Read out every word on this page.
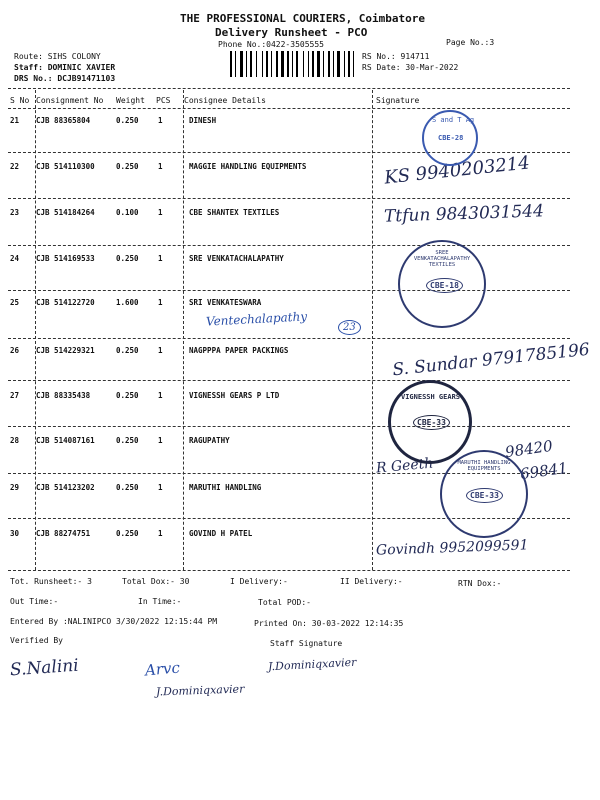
THE PROFESSIONAL COURIERS, Coimbatore
Delivery Runsheet - PCO
Phone No.:0422-3505555	Page No.:3
Route: SIHS COLONY
Staff: DOMINIC XAVIER
DRS No.: DCJB91471103
RS No.: 914711
RS Date: 30-Mar-2022
S No Consignment No Weight PCS Consignee Details	Signature
21 CJB 88365804	0.250	1	DINESH
22 CJB 514110300	0.250	1	MAGGIE HANDLING EQUIPMENTS
23 CJB 514184264	0.100	1	CBE SHANTEX TEXTILES
24 CJB 514169533	0.250	1	SRE VENKATACHALAPATHY
25 CJB 514122720	1.600	1	SRI VENKATESWARA
26 CJB 514229321	0.250	1	NAGPPPA PAPER PACKINGS
27 CJB 88335438	0.250	1	VIGNESSH GEARS P LTD
28 CJB 514087161	0.250	1	RAGUPATHY
29 CJB 514123202	0.250	1	MARUTHI HANDLING
30 CJB 88274751	0.250	1	GOVIND H PATEL
Tot. Runsheet:- 3	Total Dox:- 30	I Delivery:-	II Delivery:-	RTN Dox:-
Out Time:-	In Time:-	Total POD:-
Entered By :NALINIPCO 3/30/2022 12:15:44 PM	Printed On: 30-03-2022 12:14:35
Verified By	Staff Signature
KS 9940203214
Ttfun 9843031544
Ventechalapathy	23
S. Sundar 9791785196
98420
69841
R Geeth
Govindh 9952099591
S.Nalini	Arvc
J.Dominiqxavier
J.Dominiqxavier
S and T Ag
CBE-28
SREE VENKATACHALAPATHY TEXTILES
CBE-18
VIGNESSH GEARS
CBE-33
MARUTHI HANDLING EQUIPMENTS
CBE-33
